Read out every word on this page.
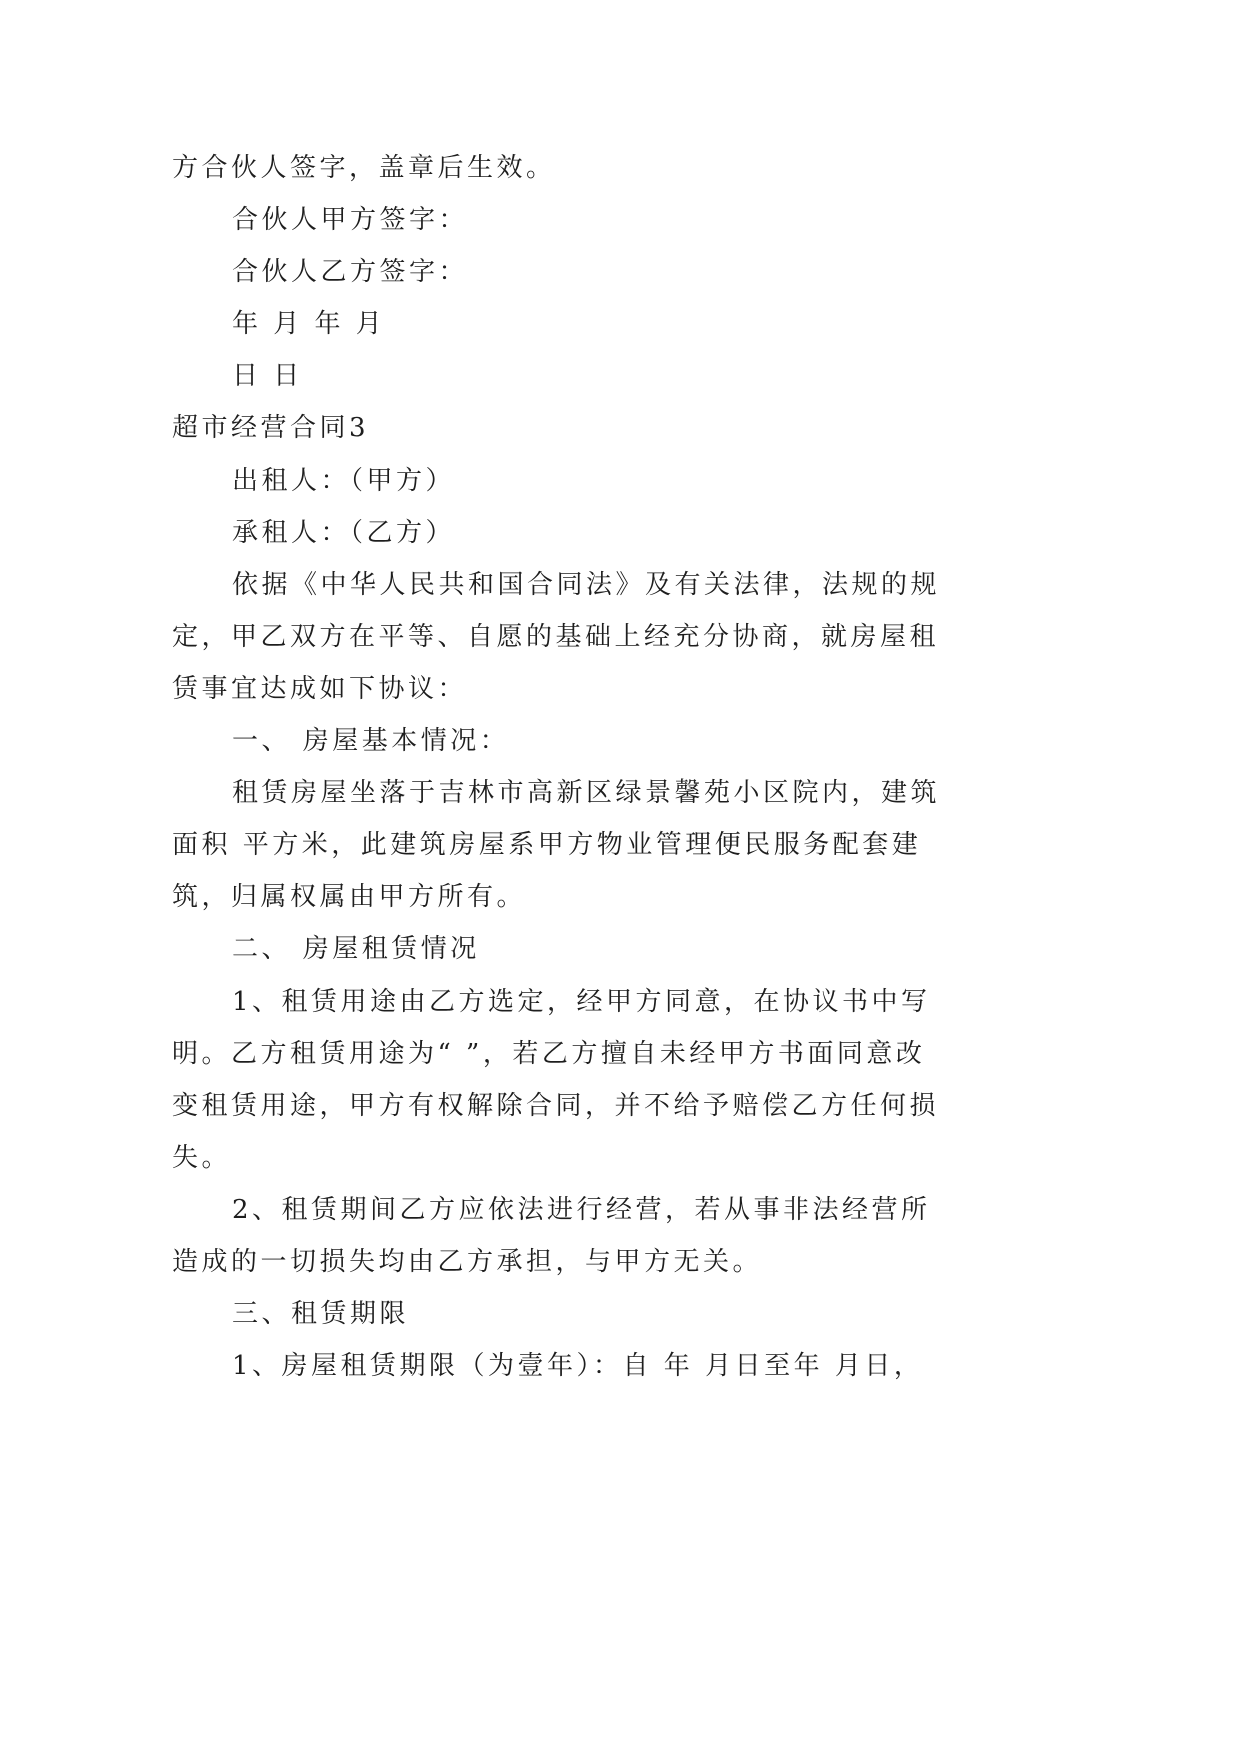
方合伙人签字，盖章后生效。
合伙人甲方签字：
合伙人乙方签字：
年 月 年 月
日 日
超市经营合同3
出租人：（甲方）
承租人：（乙方）
依据《中华人民共和国合同法》及有关法律，法规的规
定，甲乙双方在平等、自愿的基础上经充分协商，就房屋租
赁事宜达成如下协议：
一、 房屋基本情况：
租赁房屋坐落于吉林市高新区绿景馨苑小区院内，建筑
面积 平方米，此建筑房屋系甲方物业管理便民服务配套建
筑，归属权属由甲方所有。
二、 房屋租赁情况
1、租赁用途由乙方选定，经甲方同意，在协议书中写
明。乙方租赁用途为“ ”，若乙方擅自未经甲方书面同意改
变租赁用途，甲方有权解除合同，并不给予赔偿乙方任何损
失。
2、租赁期间乙方应依法进行经营，若从事非法经营所
造成的一切损失均由乙方承担，与甲方无关。
三、租赁期限
1、房屋租赁期限（为壹年）：自 年 月日至年 月日，
